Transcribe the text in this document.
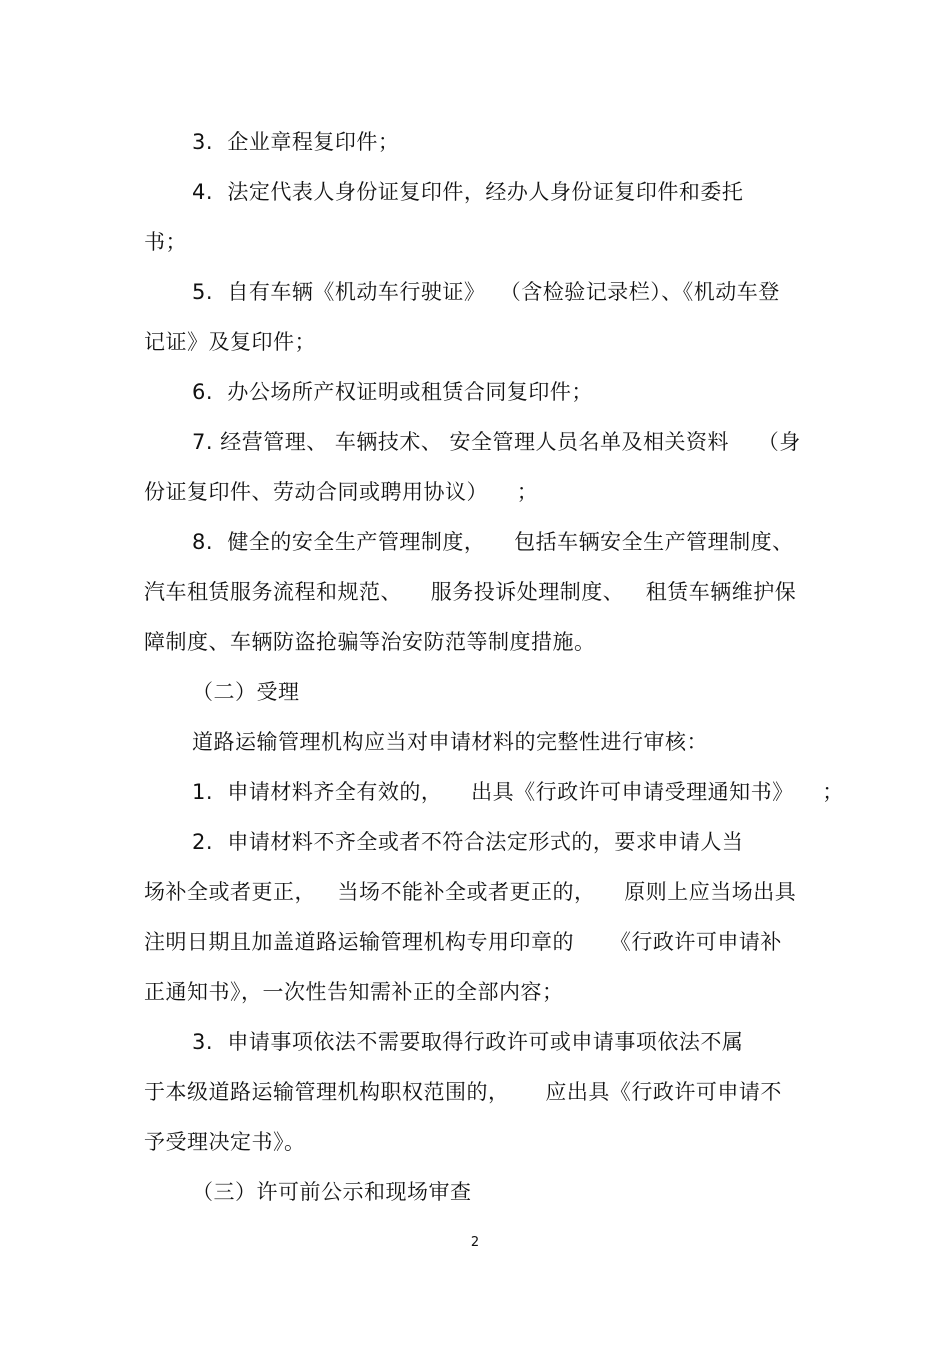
3.  企业章程复印件；
4.  法定代表人身份证复印件，经办人身份证复印件和委托
书；
5.  自有车辆《机动车行驶证》  （含检验记录栏）、《机动车登
记证》及复印件；
6.  办公场所产权证明或租赁合同复印件；
7. 经营管理、 车辆技术、 安全管理人员名单及相关资料    （身
份证复印件、劳动合同或聘用协议）    ；
8.  健全的安全生产管理制度，    包括车辆安全生产管理制度、
汽车租赁服务流程和规范、    服务投诉处理制度、   租赁车辆维护保
障制度、车辆防盗抢骗等治安防范等制度措施。
（二）受理
道路运输管理机构应当对申请材料的完整性进行审核：
1.  申请材料齐全有效的，    出具《行政许可申请受理通知书》    ；
2.  申请材料不齐全或者不符合法定形式的，要求申请人当
场补全或者更正，   当场不能补全或者更正的，    原则上应当场出具
注明日期且加盖道路运输管理机构专用印章的     《行政许可申请补
正通知书》，一次性告知需补正的全部内容；
3.  申请事项依法不需要取得行政许可或申请事项依法不属
于本级道路运输管理机构职权范围的，     应出具《行政许可申请不
予受理决定书》。
（三）许可前公示和现场审查
2
